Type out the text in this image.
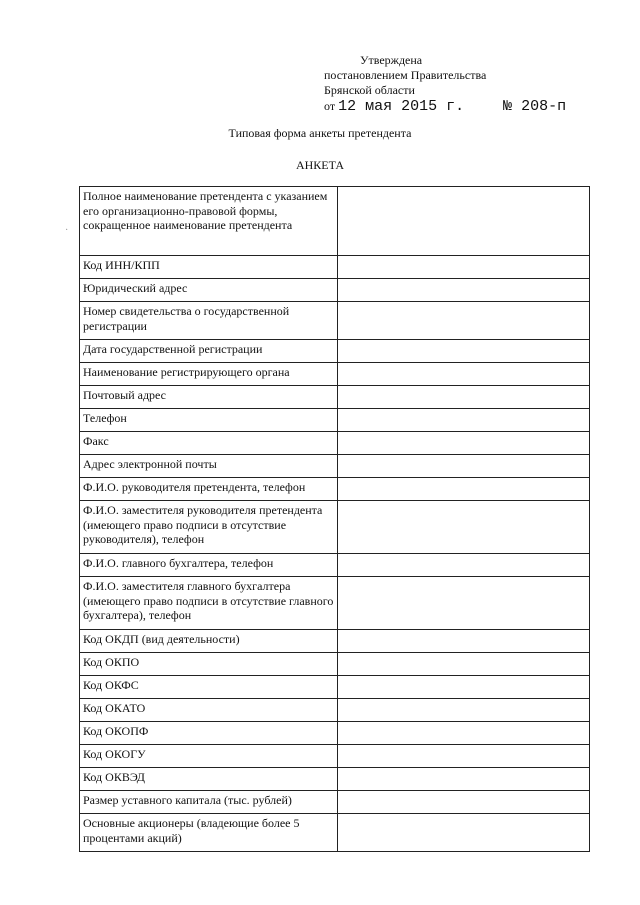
Утверждена
постановлением Правительства
Брянской области
от 12 мая 2015 г.	№ 208-п
Типовая форма анкеты претендента
АНКЕТА
·
Полное наименование претендента с указанием его организационно-правовой формы, сокращенное наименование претендента	
Код ИНН/КПП	
Юридический адрес	
Номер свидетельства о государственной регистрации	
Дата государственной регистрации	
Наименование регистрирующего органа	
Почтовый адрес	
Телефон	
Факс	
Адрес электронной почты	
Ф.И.О. руководителя претендента, телефон	
Ф.И.О. заместителя руководителя претендента (имеющего право подписи в отсутствие руководителя), телефон	
Ф.И.О. главного бухгалтера, телефон	
Ф.И.О. заместителя главного бухгалтера (имеющего право подписи в отсутствие главного бухгалтера), телефон	
Код ОКДП (вид деятельности)	
Код ОКПО	
Код ОКФС	
Код ОКАТО	
Код ОКОПФ	
Код ОКОГУ	
Код ОКВЭД	
Размер уставного капитала (тыс. рублей)	
Основные акционеры (владеющие более 5 процентами акций)	
